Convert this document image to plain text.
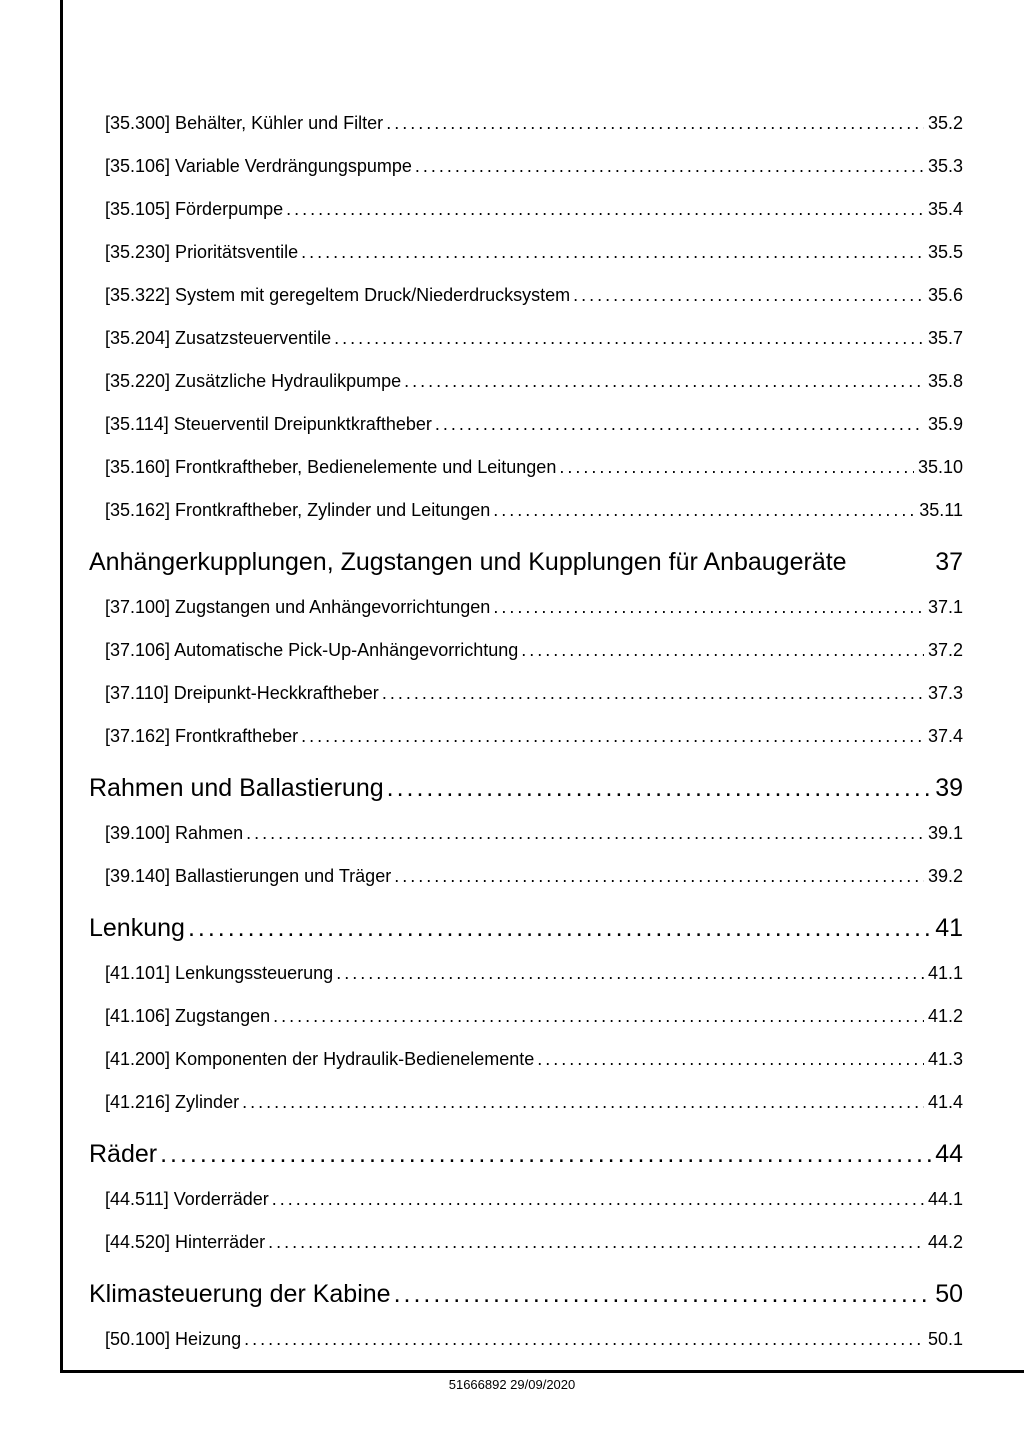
[35.300] Behälter, Kühler und Filter .....	35.2
[35.106] Variable Verdrängungspumpe .....	35.3
[35.105] Förderpumpe .....	35.4
[35.230] Prioritätsventile .....	35.5
[35.322] System mit geregeltem Druck/Niederdrucksystem .....	35.6
[35.204] Zusatzsteuerventile .....	35.7
[35.220] Zusätzliche Hydraulikpumpe .....	35.8
[35.114] Steuerventil Dreipunktkraftheber .....	35.9
[35.160] Frontkraftheber, Bedienelemente und Leitungen .....	35.10
[35.162] Frontkraftheber, Zylinder und Leitungen .....	35.11
Anhängerkupplungen, Zugstangen und Kupplungen für Anbaugeräte	37
[37.100] Zugstangen und Anhängevorrichtungen .....	37.1
[37.106] Automatische Pick-Up-Anhängevorrichtung .....	37.2
[37.110] Dreipunkt-Heckkraftheber .....	37.3
[37.162] Frontkraftheber .....	37.4
Rahmen und Ballastierung .....	39
[39.100] Rahmen .....	39.1
[39.140] Ballastierungen und Träger .....	39.2
Lenkung .....	41
[41.101] Lenkungssteuerung .....	41.1
[41.106] Zugstangen .....	41.2
[41.200] Komponenten der Hydraulik-Bedienelemente .....	41.3
[41.216] Zylinder .....	41.4
Räder .....	44
[44.511] Vorderräder .....	44.1
[44.520] Hinterräder .....	44.2
Klimasteuerung der Kabine .....	50
[50.100] Heizung .....	50.1
51666892 29/09/2020
